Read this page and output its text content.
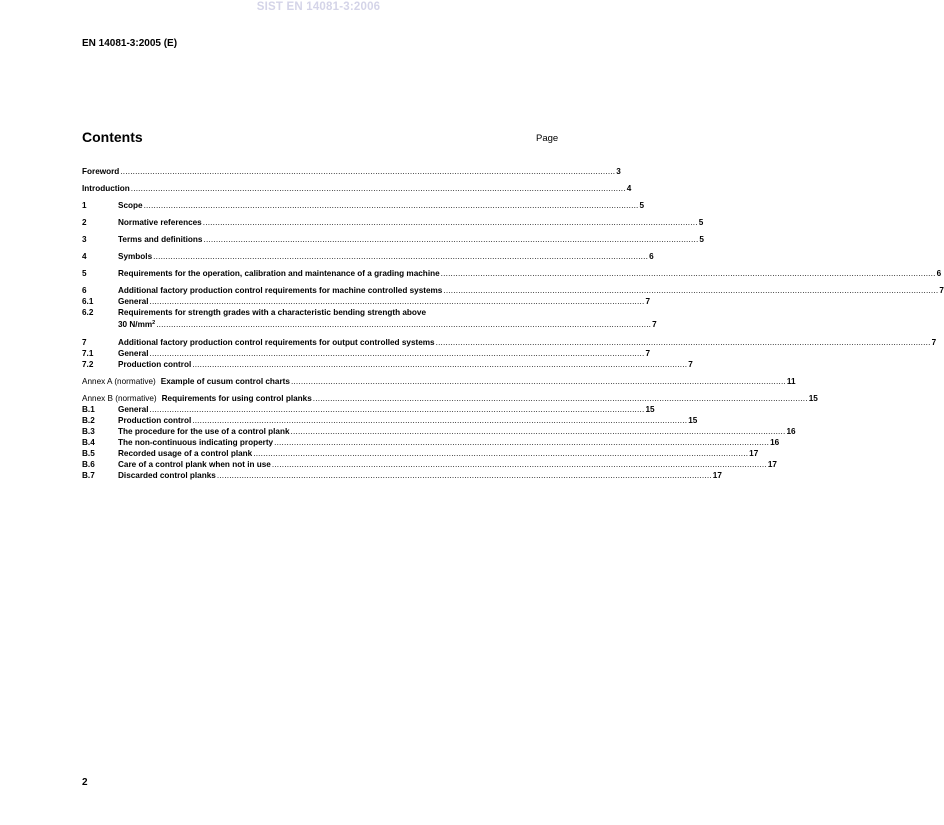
SIST EN 14081-3:2006
EN 14081-3:2005 (E)
Contents	Page
Foreword ........................................................................................................................................................................................................ 3
Introduction ........................................................................................................................................................................................................ 4
1	Scope ........................................................................................................................................................................................................ 5
2	Normative references ........................................................................................................................................................................................................ 5
3	Terms and definitions ........................................................................................................................................................................................................ 5
4	Symbols ........................................................................................................................................................................................................ 6
5	Requirements for the operation, calibration and maintenance of a grading machine ........................................................................................................................................................................................................ 6
6	Additional factory production control requirements for machine controlled systems ........................................................................................................................................................................................................ 7
6.1	General ........................................................................................................................................................................................................ 7
6.2	Requirements for strength grades with a characteristic bending strength above
30 $N/mm^2$ ........................................................................................................................................................................................................ 7
7	Additional factory production control requirements for output controlled systems ........................................................................................................................................................................................................ 7
7.1	General ........................................................................................................................................................................................................ 7
7.2	Production control ........................................................................................................................................................................................................ 7
Annex A (normative) Example of cusum control charts ........................................................................................................................................................................................................ 11
Annex B (normative) Requirements for using control planks ........................................................................................................................................................................................................ 15
B.1	General ........................................................................................................................................................................................................ 15
B.2	Production control ........................................................................................................................................................................................................ 15
B.3	The procedure for the use of a control plank ........................................................................................................................................................................................................ 16
B.4	The non-continuous indicating property ........................................................................................................................................................................................................ 16
B.5	Recorded usage of a control plank ........................................................................................................................................................................................................ 17
B.6	Care of a control plank when not in use ........................................................................................................................................................................................................ 17
B.7	Discarded control planks ........................................................................................................................................................................................................ 17
2
